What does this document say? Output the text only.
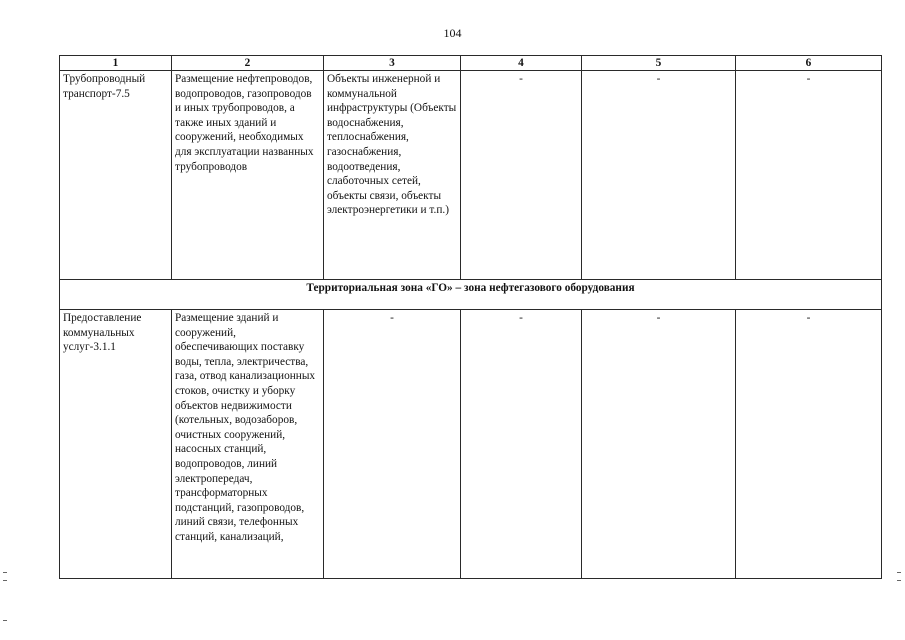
104
1	2	3	4	5	6
Трубопроводный транспорт-7.5	Размещение нефтепроводов, водопроводов, газопроводов и иных трубопроводов, а также иных зданий и сооружений, необходимых для эксплуатации названных трубопроводов	Объекты инженерной и коммунальной инфраструктуры (Объекты водоснабжения, теплоснабжения, газоснабжения, водоотведения, слаботочных сетей, объекты связи, объекты электроэнергетики и т.п.)	-	-	-
Территориальная зона «ГО» – зона нефтегазового оборудования					
Предоставление коммунальных услуг-3.1.1	Размещение зданий и сооружений, обеспечивающих поставку воды, тепла, электричества, газа, отвод канализационных стоков, очистку и уборку объектов недвижимости (котельных, водозаборов, очистных сооружений, насосных станций, водопроводов, линий электропередач, трансформаторных подстанций, газопроводов, линий связи, телефонных станций, канализаций,	-	-	-	-
